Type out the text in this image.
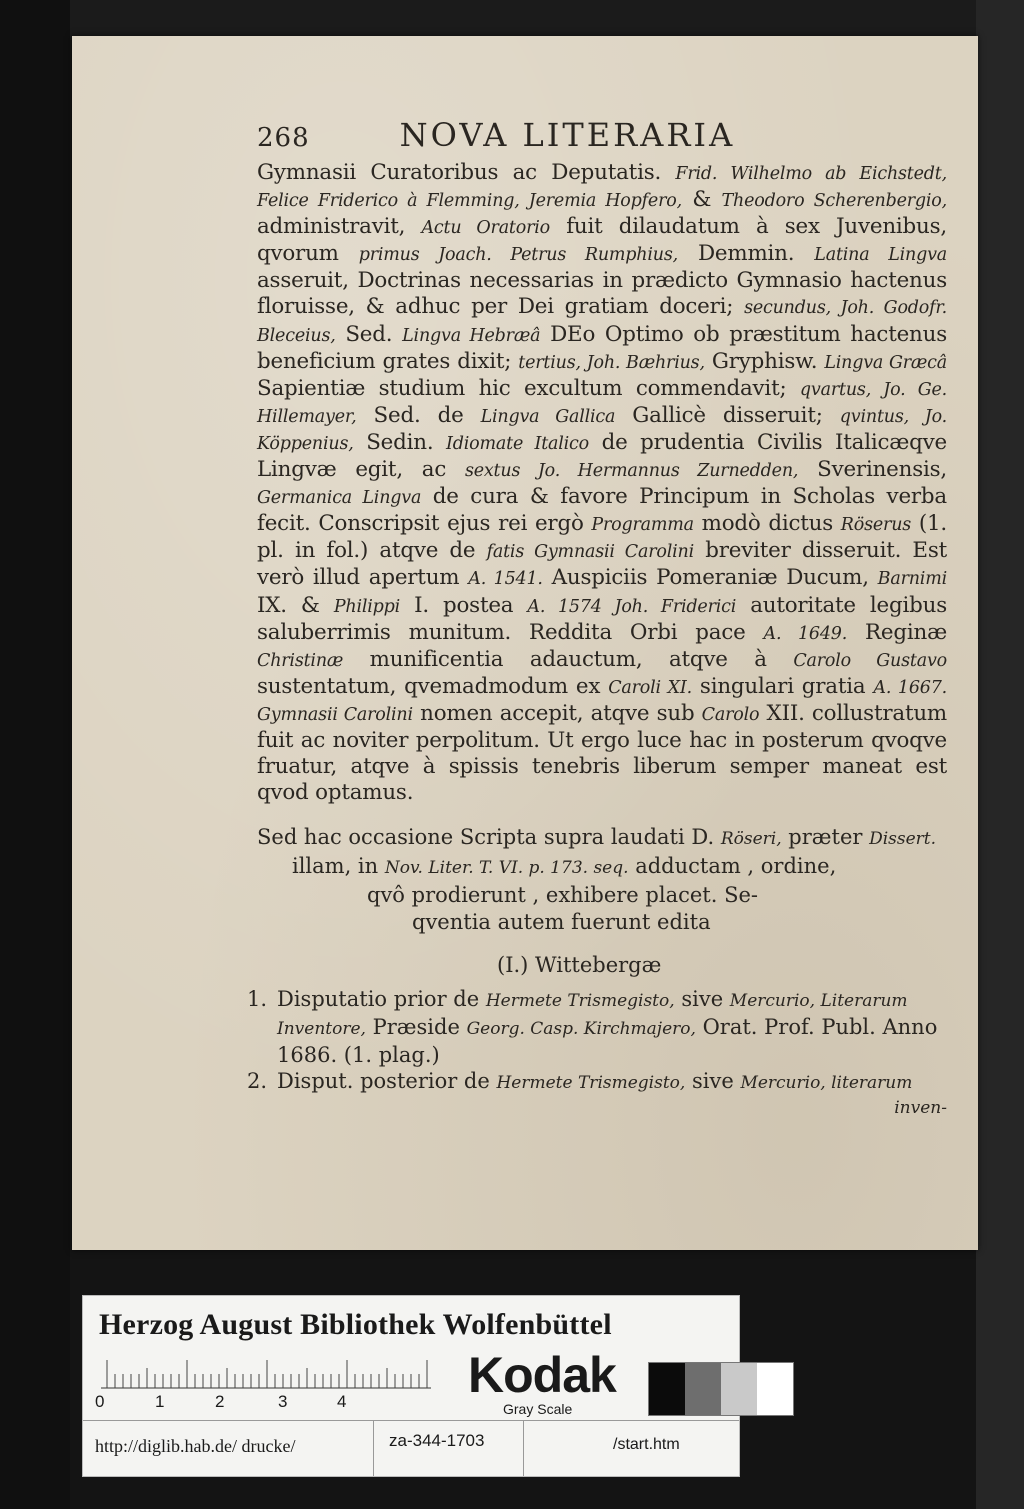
268	NOVA LITERARIA

Gymnasii Curatoribus ac Deputatis. Frid. Wilhelmo ab Eichstedt, Felice Friderico à Flemming, Jeremia Hopfero, & Theodoro Scherenbergio, administravit, Actu Oratorio fuit dilaudatum à sex Juvenibus, qvorum primus Joach. Petrus Rumphius, Demmin. Latina Lingva asseruit, Doctrinas necessarias in prædicto Gymnasio hactenus floruisse, & adhuc per Dei gratiam doceri; secundus, Joh. Godofr. Bleceius, Sed. Lingva Hebræâ DEo Optimo ob præstitum hactenus beneficium grates dixit; tertius, Joh. Bæhrius, Gryphisw. Lingva Græcâ Sapientiæ studium hic excultum commendavit; qvartus, Jo. Ge. Hillemayer, Sed. de Lingva Gallica Gallicè disseruit; qvintus, Jo. Köppenius, Sedin. Idiomate Italico de prudentia Civilis Italicæqve Lingvæ egit, ac sextus Jo. Hermannus Zurnedden, Sverinensis, Germanica Lingva de cura & favore Principum in Scholas verba fecit. Conscripsit ejus rei ergò Programma modò dictus Röserus (1. pl. in fol.) atqve de fatis Gymnasii Carolini breviter disseruit. Est verò illud apertum A. 1541. Auspiciis Pomeraniæ Ducum, Barnimi IX. & Philippi I. postea A. 1574 Joh. Friderici autoritate legibus saluberrimis munitum. Reddita Orbi pace A. 1649. Reginæ Christinæ munificentia adauctum, atqve à Carolo Gustavo sustentatum, qvemadmodum ex Caroli XI. singulari gratia A. 1667. Gymnasii Carolini nomen accepit, atqve sub Carolo XII. collustratum fuit ac noviter perpolitum. Ut ergo luce hac in posterum qvoqve fruatur, atqve à spissis tenebris liberum semper maneat est qvod optamus.

Sed hac occasione Scripta supra laudati D. Röseri, præter Dissert.
illam, in Nov. Liter. T. VI. p. 173. seq. adductam , ordine,
qvô prodierunt , exhibere placet. Se-
qventia autem fuerunt edita
(I.) Wittebergæ
1. Disputatio prior de Hermete Trismegisto, sive Mercurio, Literarum Inventore, Præside Georg. Casp. Kirchmajero, Orat. Prof. Publ. Anno 1686. (1. plag.)
2. Disput. posterior de Hermete Trismegisto, sive Mercurio, literarum
inven-
Herzog August Bibliothek Wolfenbüttel
0	1	2	3	4 Kodak
Gray Scale
http://diglib.hab.de/ drucke/	za-344-1703	/start.htm
